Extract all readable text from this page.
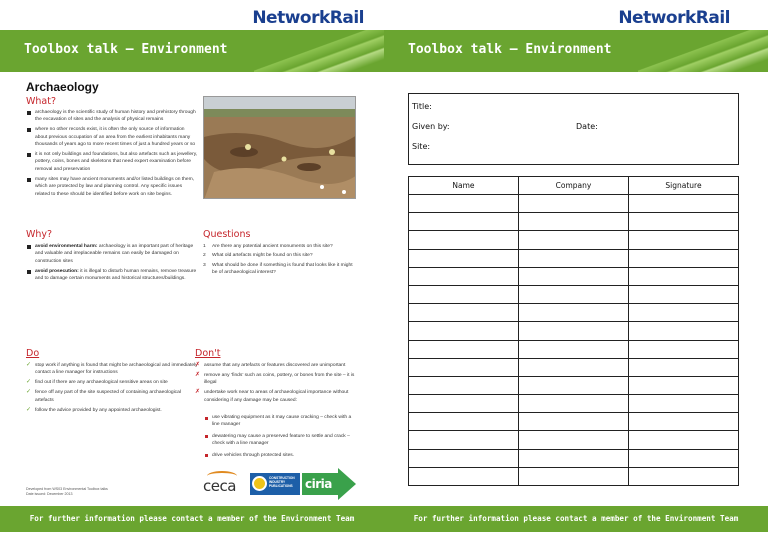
NetworkRail
Toolbox talk – Environment
Archaeology
What?
archaeology is the scientific study of human history and prehistory through the excavation of sites and the analysis of physical remains
where no other records exist, it is often the only source of information about previous occupation of an area from the earliest inhabitants many thousands of years ago to more recent times of just a hundred years or so
it is not only buildings and foundations, but also artefacts such as jewellery, pottery, coins, bones and skeletons that need expert examination before removal and preservation
many sites may have ancient monuments and/or listed buildings on them, which are protected by law and planning control. Any specific issues related to these should be identified before work on site begins.
Why?
avoid environmental harm: archaeology is an important part of heritage and valuable and irreplaceable remains can easily be damaged on construction sites
avoid prosecution: it is illegal to disturb human remains, remove treasure and to damage certain monuments and historical structures/buildings.
Questions
1 Are there any potential ancient monuments on this site?
2 What old artefacts might be found on this site?
3 What should be done if something is found that looks like it might be of archaeological interest?
Do
✓ stop work if anything is found that might be archaeological and immediately contact a line manager for instructions
✓ find out if there are any archaeological sensitive areas on site
✓ fence off any part of the site suspected of containing archaeological artefacts
✓ follow the advice provided by any appointed archaeologist.
Don't
✗ assume that any artefacts or features discovered are unimportant
✗ remove any ‘finds’ such as coins, pottery, or bones from the site – it is illegal
✗ undertake work near to areas of archaeological importance without considering if any damage may be caused:
use vibrating equipment as it may cause cracking – check with a line manager
dewatering may cause a preserved feature to settle and crack – check with a line manager
drive vehicles through protected sites.
Developed from WS03 Environmental Toolbox talks
Date issued: December 2013	ceca	CONSTRUCTION INDUSTRY PUBLICATIONS	ciria
For further information please contact a member of the Environment Team
NetworkRail
Toolbox talk – Environment
For further information please contact a member of the Environment Team
Title:
Given by:	Date:
Site:
Name	Company	Signature
